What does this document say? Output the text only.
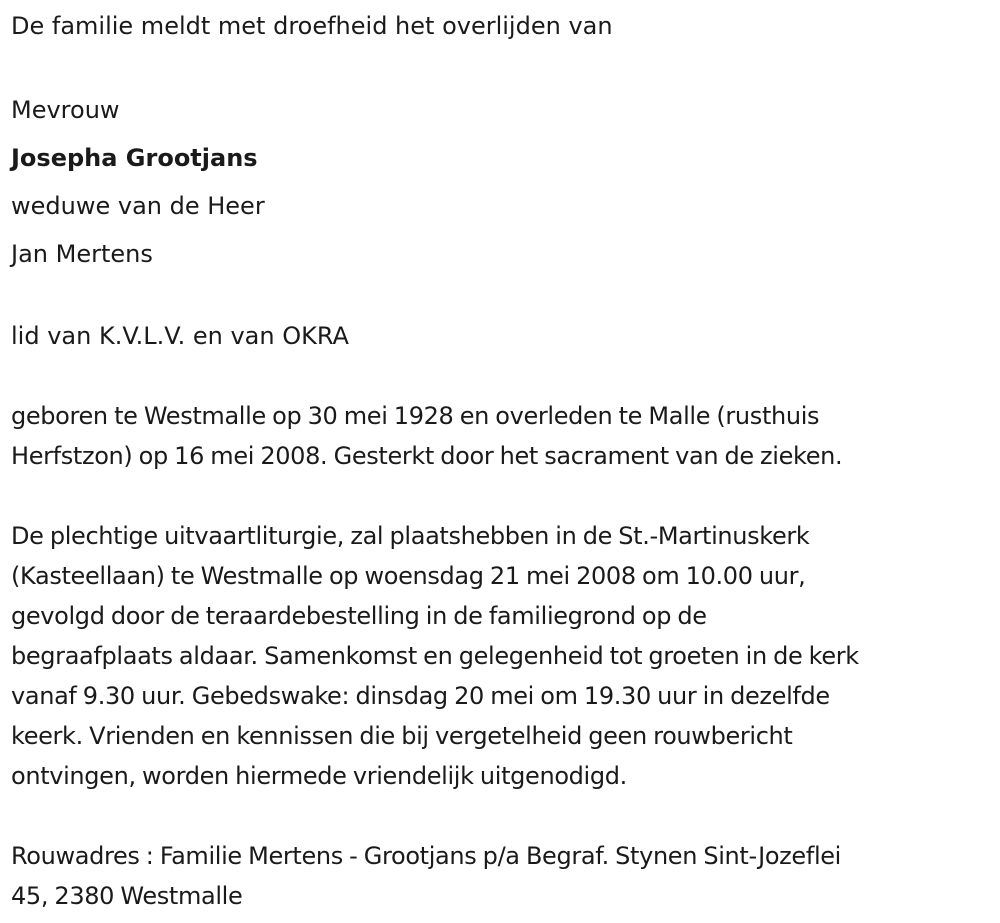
De familie meldt met droefheid het overlijden van

Mevrouw

Josepha Grootjans

weduwe van de Heer

Jan Mertens

lid van K.V.L.V. en van OKRA

geboren te Westmalle op 30 mei 1928 en overleden te Malle (rusthuis

Herfstzon) op 16 mei 2008. Gesterkt door het sacrament van de zieken.

De plechtige uitvaartliturgie, zal plaatshebben in de St.-Martinuskerk

(Kasteellaan) te Westmalle op woensdag 21 mei 2008 om 10.00 uur,

gevolgd door de teraardebestelling in de familiegrond op de

begraafplaats aldaar. Samenkomst en gelegenheid tot groeten in de kerk

vanaf 9.30 uur. Gebedswake: dinsdag 20 mei om 19.30 uur in dezelfde

keerk. Vrienden en kennissen die bij vergetelheid geen rouwbericht

ontvingen, worden hiermede vriendelijk uitgenodigd.

Rouwadres : Familie Mertens - Grootjans p/a Begraf. Stynen Sint-Jozeflei

45, 2380 Westmalle
